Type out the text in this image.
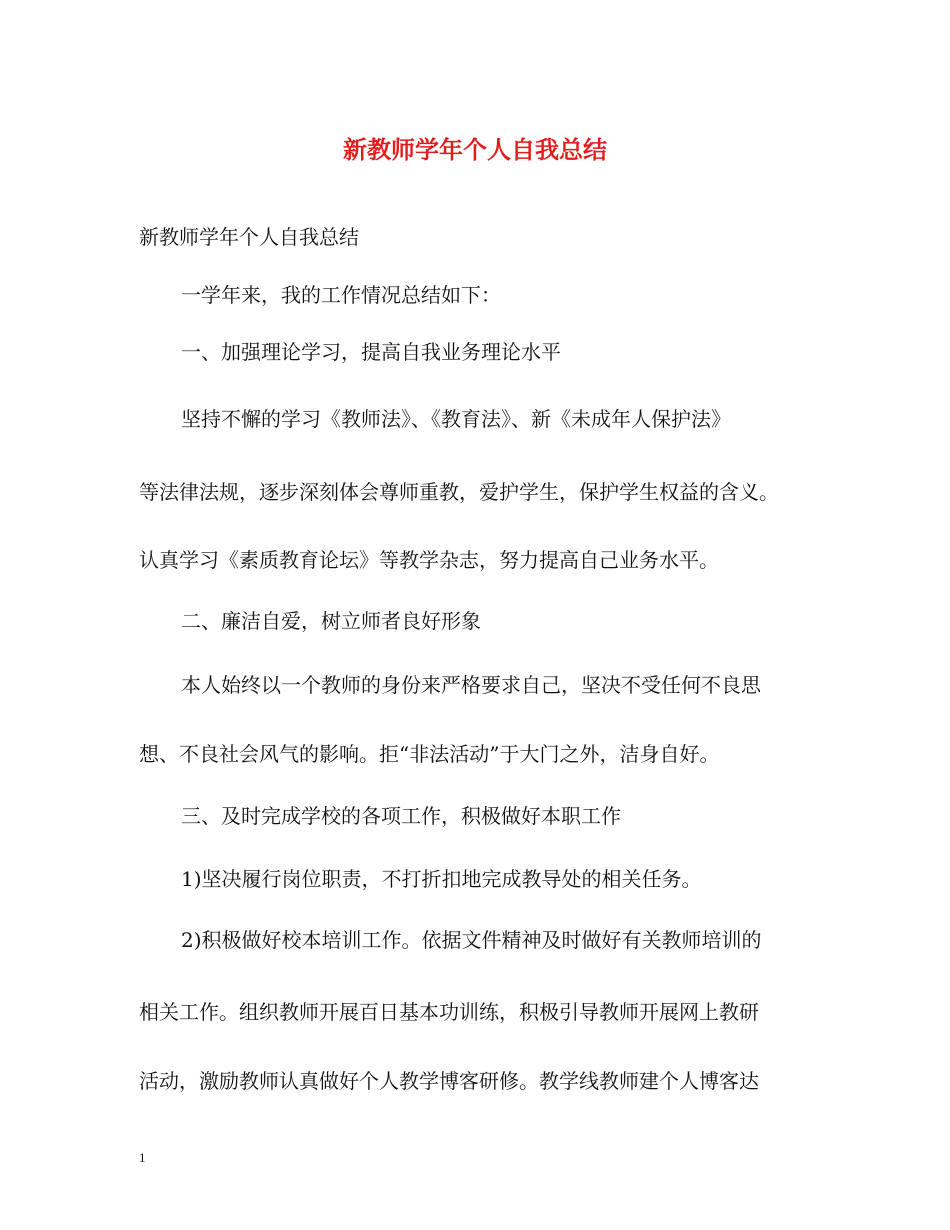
新教师学年个人自我总结
新教师学年个人自我总结
一学年来，我的工作情况总结如下：
一、加强理论学习，提高自我业务理论水平
坚持不懈的学习《教师法》、《教育法》、新《未成年人保护法》
等法律法规，逐步深刻体会尊师重教，爱护学生，保护学生权益的含义。
认真学习《素质教育论坛》等教学杂志，努力提高自己业务水平。
二、廉洁自爱，树立师者良好形象
本人始终以一个教师的身份来严格要求自己，坚决不受任何不良思
想、不良社会风气的影响。拒“非法活动”于大门之外，洁身自好。
三、及时完成学校的各项工作，积极做好本职工作
1)坚决履行岗位职责，不打折扣地完成教导处的相关任务。
2)积极做好校本培训工作。依据文件精神及时做好有关教师培训的
相关工作。组织教师开展百日基本功训练，积极引导教师开展网上教研
活动，激励教师认真做好个人教学博客研修。教学线教师建个人博客达
1
